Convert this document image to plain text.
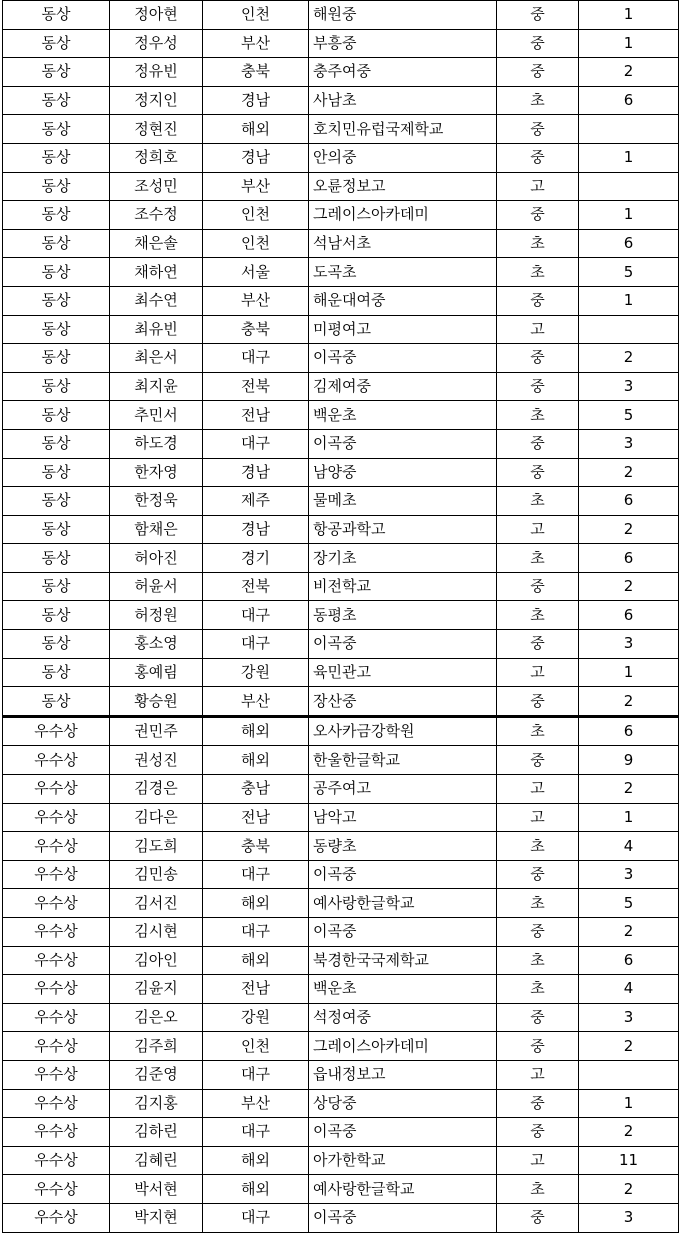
동상	정아현	인천	해원중	중	1
동상	정우성	부산	부흥중	중	1
동상	정유빈	충북	충주여중	중	2
동상	정지인	경남	사남초	초	6
동상	정현진	해외	호치민유럽국제학교	중	
동상	정희호	경남	안의중	중	1
동상	조성민	부산	오륜정보고	고	
동상	조수정	인천	그레이스아카데미	중	1
동상	채은솔	인천	석남서초	초	6
동상	채하연	서울	도곡초	초	5
동상	최수연	부산	해운대여중	중	1
동상	최유빈	충북	미평여고	고	
동상	최은서	대구	이곡중	중	2
동상	최지윤	전북	김제여중	중	3
동상	추민서	전남	백운초	초	5
동상	하도경	대구	이곡중	중	3
동상	한자영	경남	남양중	중	2
동상	한정욱	제주	물메초	초	6
동상	함채은	경남	항공과학고	고	2
동상	허아진	경기	장기초	초	6
동상	허윤서	전북	비전학교	중	2
동상	허정원	대구	동평초	초	6
동상	홍소영	대구	이곡중	중	3
동상	홍예림	강원	육민관고	고	1
동상	황승원	부산	장산중	중	2
우수상	권민주	해외	오사카금강학원	초	6
우수상	권성진	해외	한울한글학교	중	9
우수상	김경은	충남	공주여고	고	2
우수상	김다은	전남	남악고	고	1
우수상	김도희	충북	동량초	초	4
우수상	김민송	대구	이곡중	중	3
우수상	김서진	해외	예사랑한글학교	초	5
우수상	김시현	대구	이곡중	중	2
우수상	김아인	해외	북경한국국제학교	초	6
우수상	김윤지	전남	백운초	초	4
우수상	김은오	강원	석정여중	중	3
우수상	김주희	인천	그레이스아카데미	중	2
우수상	김준영	대구	읍내정보고	고	
우수상	김지홍	부산	상당중	중	1
우수상	김하린	대구	이곡중	중	2
우수상	김혜린	해외	아가한학교	고	11
우수상	박서현	해외	예사랑한글학교	초	2
우수상	박지현	대구	이곡중	중	3
